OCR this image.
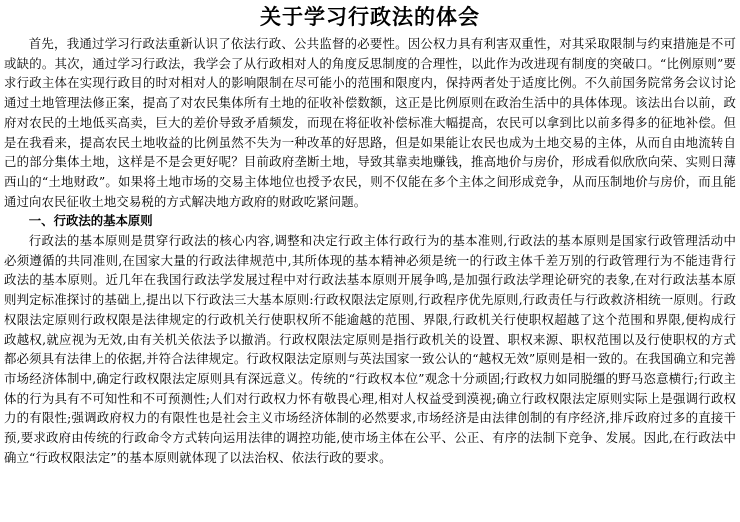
关于学习行政法的体会

首先，我通过学习行政法重新认识了依法行政、公共监督的必要性。因公权力具有利害双重性，对其采取限制与约束措施是不可或缺的。其次，通过学习行政法，我学会了从行政相对人的角度反思制度的合理性，以此作为改进现有制度的突破口。“比例原则”要求行政主体在实现行政目的时对相对人的影响限制在尽可能小的范围和限度内，保持两者处于适度比例。不久前国务院常务会议讨论通过土地管理法修正案，提高了对农民集体所有土地的征收补偿数额，这正是比例原则在政治生活中的具体体现。该法出台以前，政府对农民的土地低买高卖，巨大的差价导致矛盾频发，而现在将征收补偿标准大幅提高，农民可以拿到比以前多得多的征地补偿。但是在我看来，提高农民土地收益的比例虽然不失为一种改革的好思路，但是如果能让农民也成为土地交易的主体，从而自由地流转自己的部分集体土地，这样是不是会更好呢？目前政府垄断土地，导致其靠卖地赚钱，推高地价与房价，形成看似欣欣向荣、实则日薄西山的“土地财政”。如果将土地市场的交易主体地位也授予农民，则不仅能在多个主体之间形成竞争，从而压制地价与房价，而且能通过向农民征收土地交易税的方式解决地方政府的财政吃紧问题。

一、行政法的基本原则

行政法的基本原则是贯穿行政法的核心内容,调整和决定行政主体行政行为的基本准则,行政法的基本原则是国家行政管理活动中必须遵循的共同准则,在国家大量的行政法律规范中,其所体现的基本精神必须是统一的行政主体千差万别的行政管理行为不能违背行政法的基本原则。近几年在我国行政法学发展过程中对行政法基本原则开展争鸣,是加强行政法学理论研究的表象,在对行政法基本原则判定标准探讨的基础上,提出以下行政法三大基本原则:行政权限法定原则,行政程序优先原则,行政责任与行政救济相统一原则。行政权限法定原则行政权限是法律规定的行政机关行使职权所不能逾越的范围、界限,行政机关行使职权超越了这个范围和界限,便构成行政越权,就应视为无效,由有关机关依法予以撤消。行政权限法定原则是指行政机关的设置、职权来源、职权范围以及行使职权的方式都必须具有法律上的依据,并符合法律规定。行政权限法定原则与英法国家一致公认的“越权无效”原则是相一致的。在我国确立和完善市场经济体制中,确定行政权限法定原则具有深远意义。传统的“行政权本位”观念十分顽固;行政权力如同脱缰的野马恣意横行;行政主体的行为具有不可知性和不可预测性;人们对行政权力怀有敬畏心理,相对人权益受到漠视;确立行政权限法定原则实际上是强调行政权力的有限性;强调政府权力的有限性也是社会主义市场经济体制的必然要求,市场经济是由法律创制的有序经济,排斥政府过多的直接干预,要求政府由传统的行政命令方式转向运用法律的调控功能,使市场主体在公平、公正、有序的法制下竞争、发展。因此,在行政法中确立“行政权限法定”的基本原则就体现了以法治权、依法行政的要求。
